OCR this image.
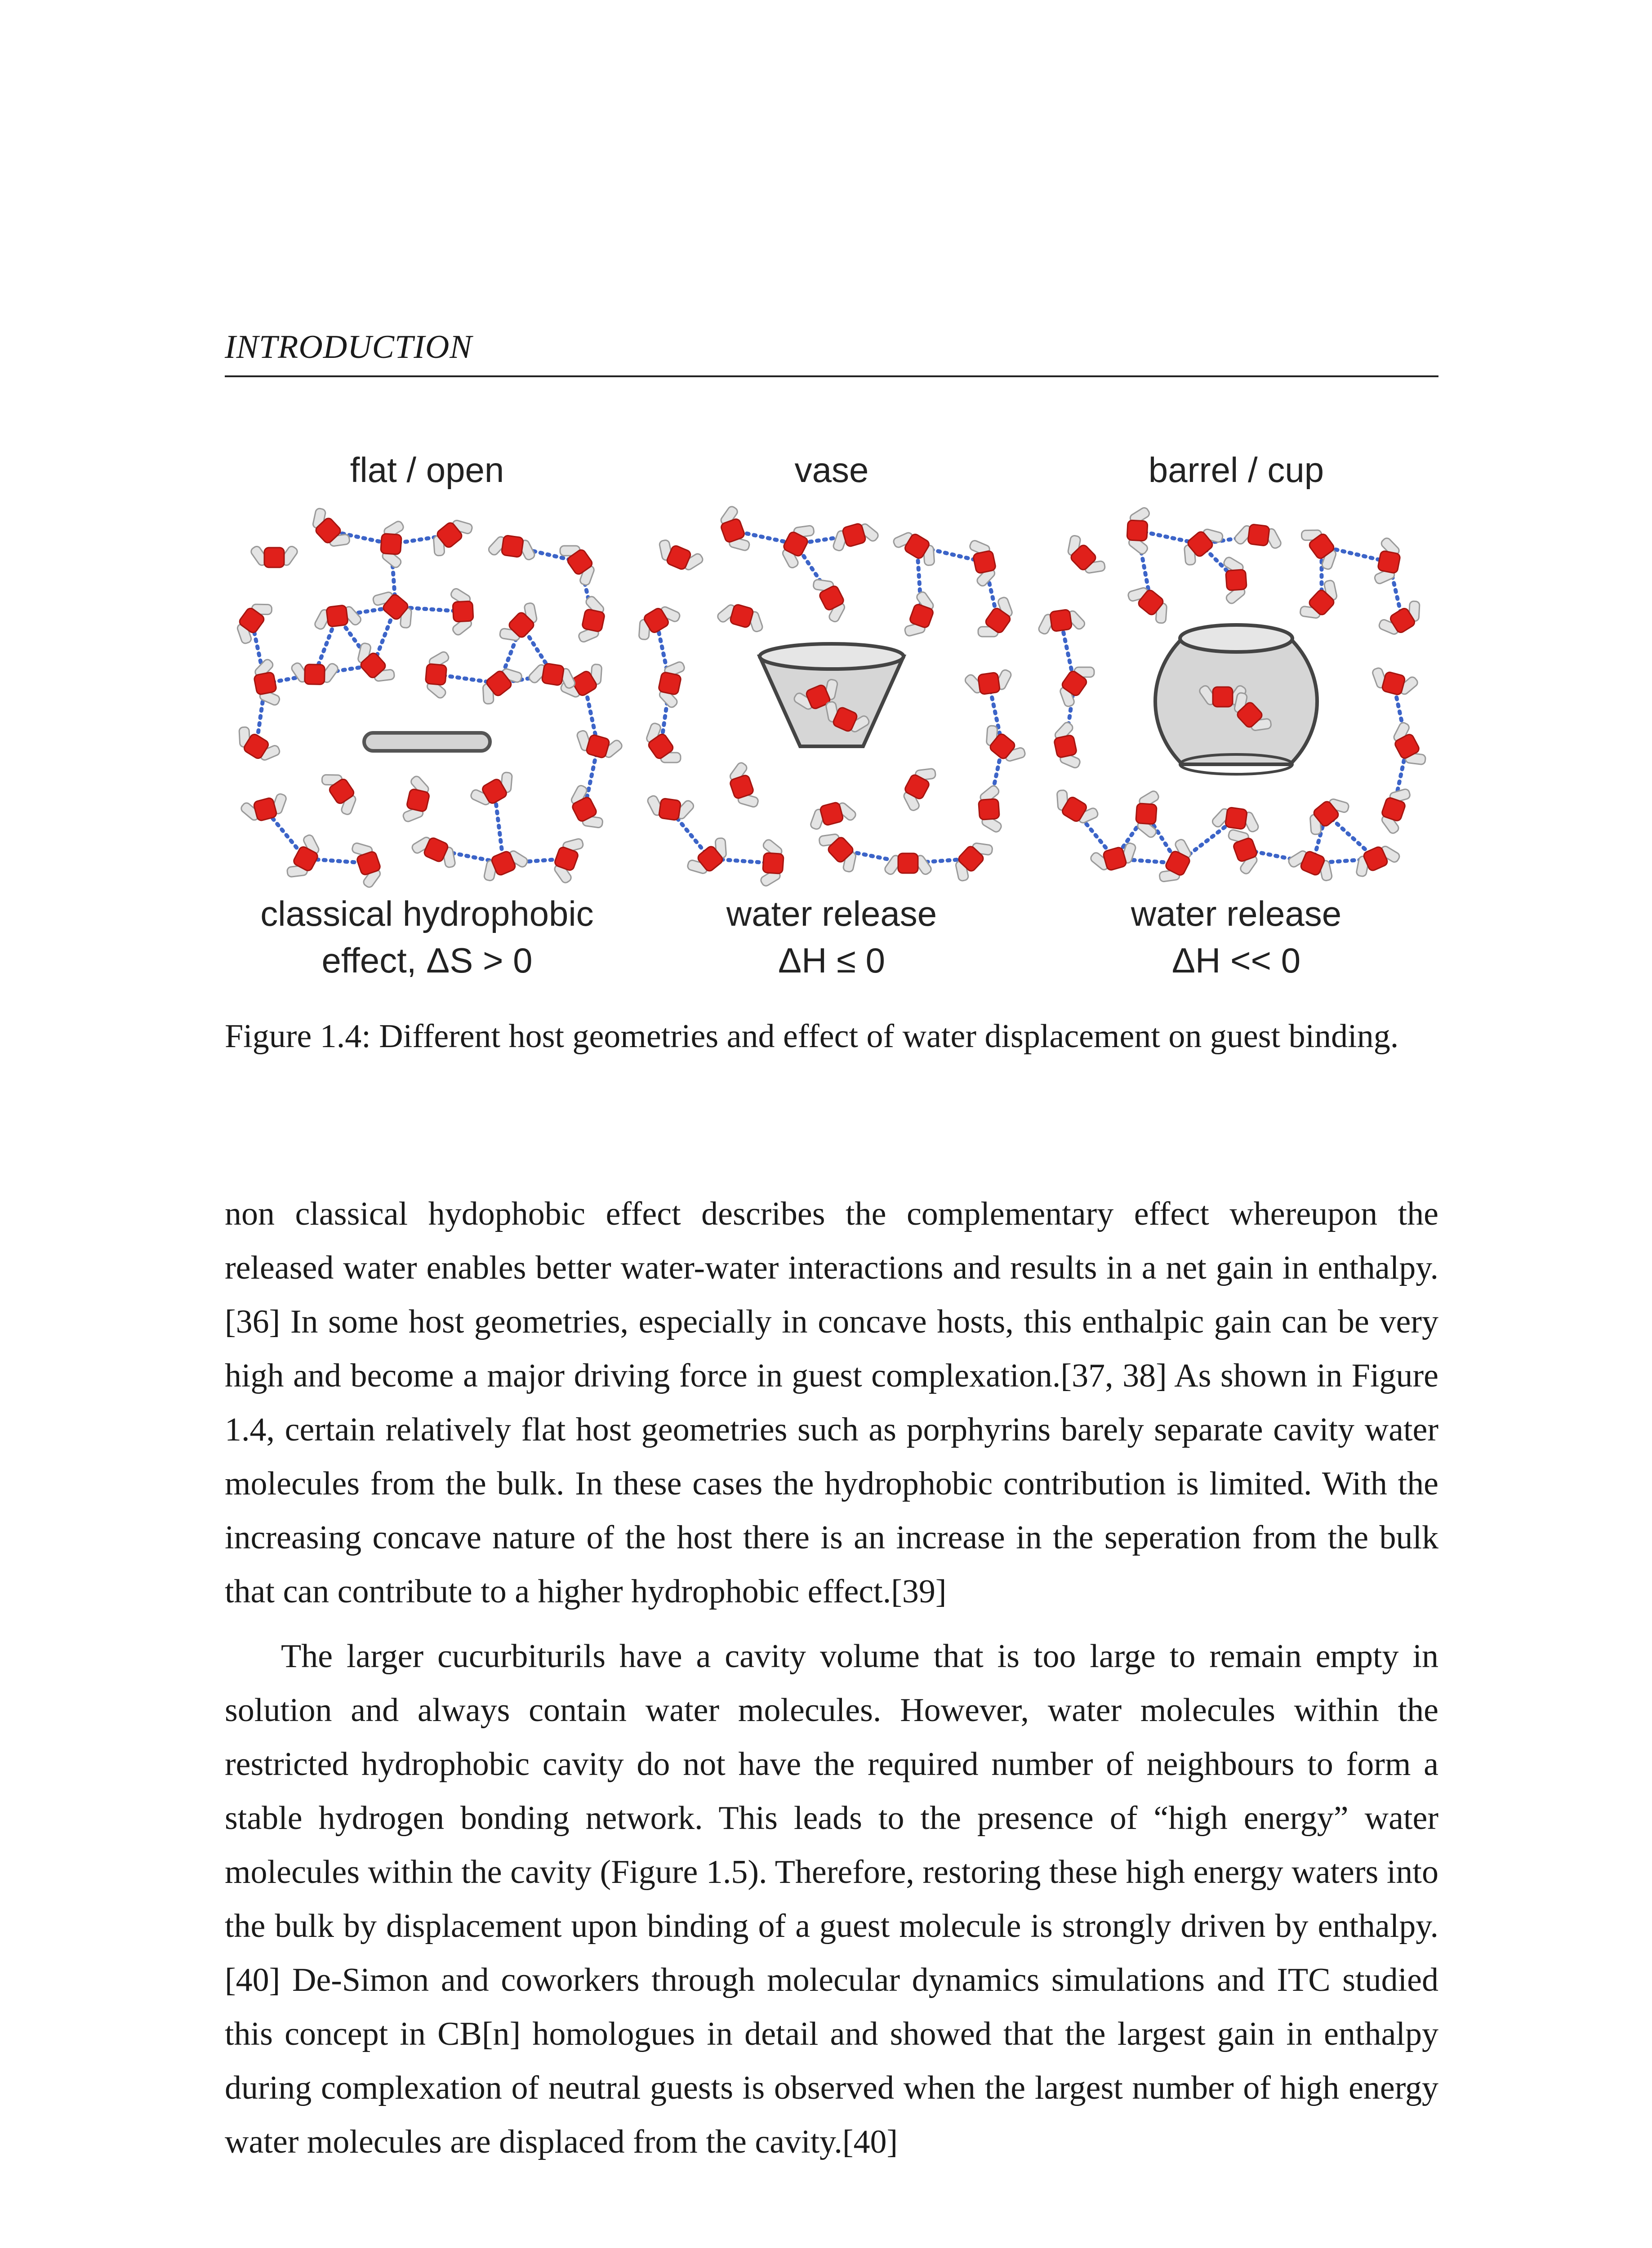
INTRODUCTION
flat / open
classical hydrophobic
effect, ΔS > 0
vase
water release
ΔH ≤ 0
barrel / cup
water release
ΔH << 0
Figure 1.4: Different host geometries and effect of water displacement on guest binding.

non classical hydophobic effect describes the complementary effect whereupon the released water enables better water-water interactions and results in a net gain in enthalpy.[36] In some host geometries, especially in concave hosts, this enthalpic gain can be very high and become a major driving force in guest complexation.[37, 38] As shown in Figure 1.4, certain relatively flat host geometries such as porphyrins barely separate cavity water molecules from the bulk. In these cases the hydrophobic contribution is limited. With the increasing concave nature of the host there is an increase in the seperation from the bulk that can contribute to a higher hydrophobic effect.[39]

The larger cucurbiturils have a cavity volume that is too large to remain empty in solution and always contain water molecules. However, water molecules within the restricted hydrophobic cavity do not have the required number of neighbours to form a stable hydrogen bonding network. This leads to the presence of “high energy” water molecules within the cavity (Figure 1.5). Therefore, restoring these high energy waters into the bulk by displacement upon binding of a guest molecule is strongly driven by enthalpy.[40] De-Simon and coworkers through molecular dynamics simulations and ITC studied this concept in CB[n] homologues in detail and showed that the largest gain in enthalpy during complexation of neutral guests is observed when the largest number of high energy water molecules are displaced from the cavity.[40]
